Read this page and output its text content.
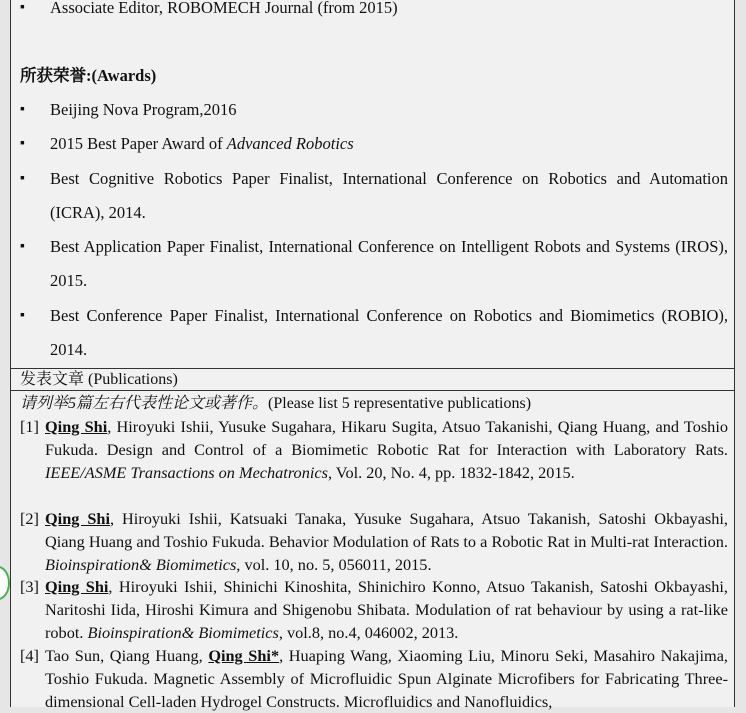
▪	Associate Editor, ROBOMECH Journal (from 2015)
所获荣誉:(Awards)
▪	Beijing Nova Program,2016
▪	2015 Best Paper Award of Advanced Robotics
▪	Best Cognitive Robotics Paper Finalist, International Conference on Robotics and Automation (ICRA), 2014.
▪	Best Application Paper Finalist, International Conference on Intelligent Robots and Systems (IROS), 2015.
▪	Best Conference Paper Finalist, International Conference on Robotics and Biomimetics (ROBIO), 2014.
发表文章 (Publications)
请列举5篇左右代表性论文或著作。(Please list 5 representative publications)
[1] Qing Shi, Hiroyuki Ishii, Yusuke Sugahara, Hikaru Sugita, Atsuo Takanishi, Qiang Huang, and Toshio Fukuda. Design and Control of a Biomimetic Robotic Rat for Interaction with Laboratory Rats. IEEE/ASME Transactions on Mechatronics, Vol. 20, No. 4, pp. 1832-1842, 2015.
[2] Qing Shi, Hiroyuki Ishii, Katsuaki Tanaka, Yusuke Sugahara, Atsuo Takanish, Satoshi Okbayashi, Qiang Huang and Toshio Fukuda. Behavior Modulation of Rats to a Robotic Rat in Multi-rat Interaction. Bioinspiration& Biomimetics, vol. 10, no. 5, 056011, 2015.
[3] Qing Shi, Hiroyuki Ishii, Shinichi Kinoshita, Shinichiro Konno, Atsuo Takanish, Satoshi Okbayashi, Naritoshi Iida, Hiroshi Kimura and Shigenobu Shibata. Modulation of rat behaviour by using a rat-like robot. Bioinspiration& Biomimetics, vol.8, no.4, 046002, 2013.
[4] Tao Sun, Qiang Huang, Qing Shi*, Huaping Wang, Xiaoming Liu, Minoru Seki, Masahiro Nakajima, Toshio Fukuda. Magnetic Assembly of Microfluidic Spun Alginate Microfibers for Fabricating Three-dimensional Cell-laden Hydrogel Constructs. Microfluidics and Nanofluidics,
